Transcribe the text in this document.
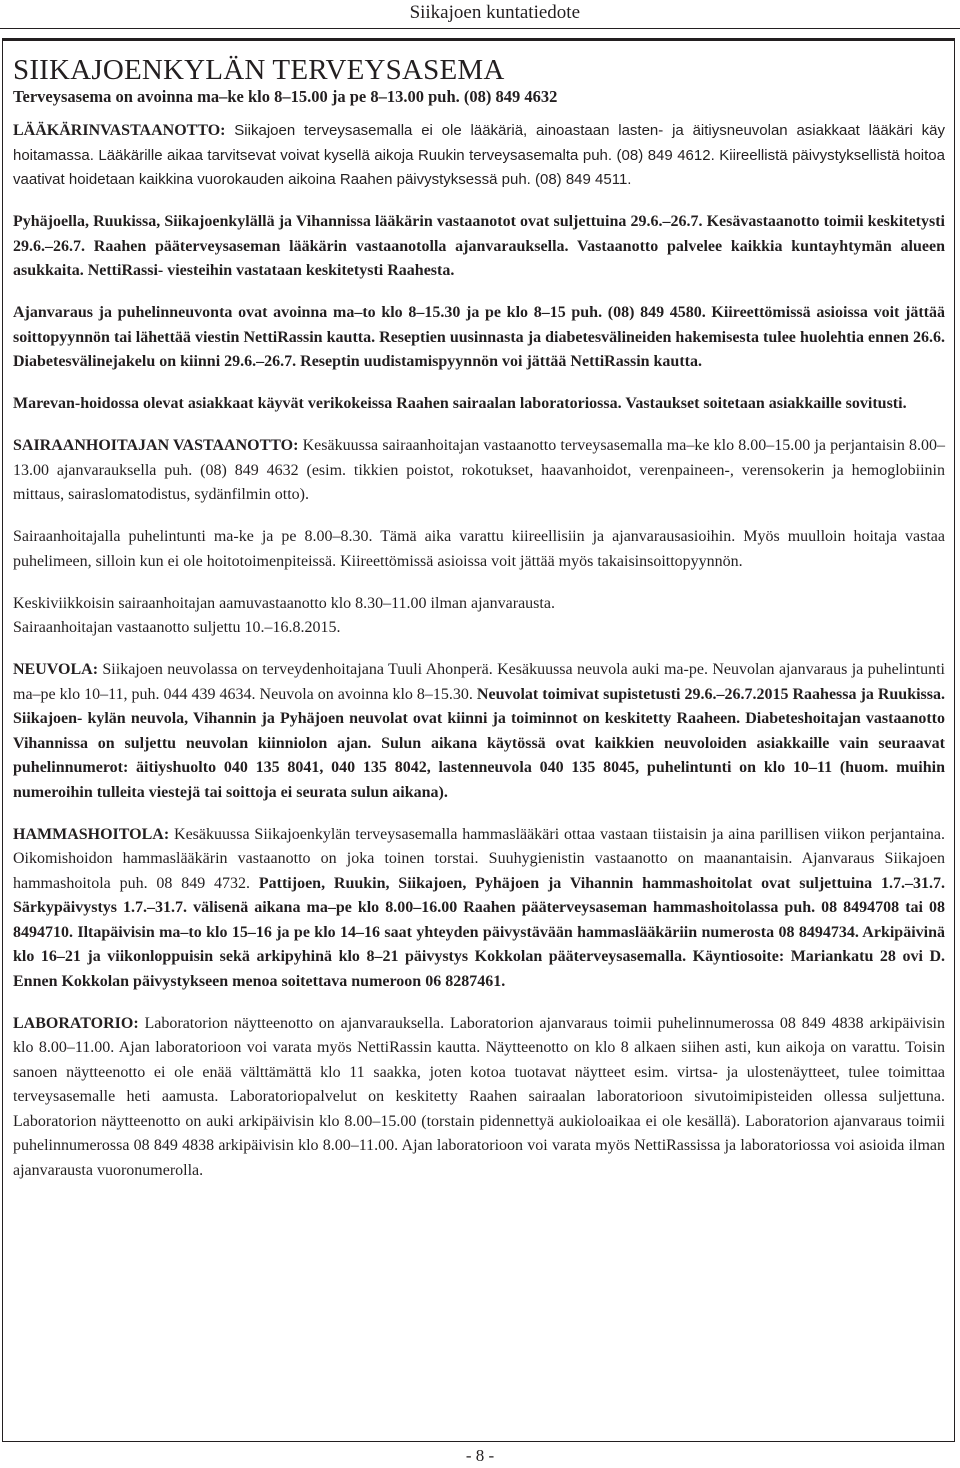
Siikajoen kuntatiedote
SIIKAJOENKYLÄN TERVEYSASEMA
Terveysasema on avoinna ma–ke klo 8–15.00 ja pe 8–13.00 puh. (08) 849 4632

LÄÄKÄRINVASTAANOTTO: Siikajoen terveysasemalla ei ole lääkäriä, ainoastaan lasten- ja äitiysneuvolan asiakkaat lääkäri käy hoitamassa. Lääkärille aikaa tarvitsevat voivat kysellä aikoja Ruukin terveysasemalta puh. (08) 849 4612. Kiireellistä päivystyksellistä hoitoa vaativat hoidetaan kaikkina vuorokauden aikoina Raahen päivystyksessä puh. (08) 849 4511.

Pyhäjoella, Ruukissa, Siikajoenkylällä ja Vihannissa lääkärin vastaanotot ovat suljettuina 29.6.–26.7. Kesävastaanotto toimii keskitetysti 29.6.–26.7. Raahen pääterveysaseman lääkärin vastaanotolla ajanvarauksella. Vastaanotto palvelee kaikkia kuntayhtymän alueen asukkaita. NettiRassi- viesteihin vastataan keskitetysti Raahesta.

Ajanvaraus ja puhelinneuvonta ovat avoinna ma–to klo 8–15.30 ja pe klo 8–15 puh. (08) 849 4580. Kiireettömissä asioissa voit jättää soittopyynnön tai lähettää viestin NettiRassin kautta. Reseptien uusinnasta ja diabetesvälineiden hakemisesta tulee huolehtia ennen 26.6. Diabetesvälinejakelu on kiinni 29.6.–26.7. Reseptin uudistamispyynnön voi jättää NettiRassin kautta.

Marevan-hoidossa olevat asiakkaat käyvät verikokeissa Raahen sairaalan laboratoriossa. Vastaukset soitetaan asiakkaille sovitusti.

SAIRAANHOITAJAN VASTAANOTTO: Kesäkuussa sairaanhoitajan vastaanotto terveysasemalla ma–ke klo 8.00–15.00 ja perjantaisin 8.00–13.00 ajanvarauksella puh. (08) 849 4632 (esim. tikkien poistot, rokotukset, haavanhoidot, verenpaineen-, verensokerin ja hemoglobiinin mittaus, sairaslomatodistus, sydänfilmin otto).

Sairaanhoitajalla puhelintunti ma-ke ja pe 8.00–8.30. Tämä aika varattu kiireellisiin ja ajanvarausasioihin. Myös muulloin hoitaja vastaa puhelimeen, silloin kun ei ole hoitotoimenpiteissä. Kiireettömissä asioissa voit jättää myös takaisinsoittopyynnön.

Keskiviikkoisin sairaanhoitajan aamuvastaanotto klo 8.30–11.00 ilman ajanvarausta.
Sairaanhoitajan vastaanotto suljettu 10.–16.8.2015.

NEUVOLA: Siikajoen neuvolassa on terveydenhoitajana Tuuli Ahonperä. Kesäkuussa neuvola auki ma-pe. Neuvolan ajanvaraus ja puhelintunti ma–pe klo 10–11, puh. 044 439 4634. Neuvola on avoinna klo 8–15.30. Neuvolat toimivat supistetusti 29.6.–26.7.2015 Raahessa ja Ruukissa. Siikajoen- kylän neuvola, Vihannin ja Pyhäjoen neuvolat ovat kiinni ja toiminnot on keskitetty Raaheen. Diabeteshoitajan vastaanotto Vihannissa on suljettu neuvolan kiinniolon ajan. Sulun aikana käytössä ovat kaikkien neuvoloiden asiakkaille vain seuraavat puhelinnumerot: äitiyshuolto 040 135 8041, 040 135 8042, lastenneuvola 040 135 8045, puhelintunti on klo 10–11 (huom. muihin numeroihin tulleita viestejä tai soittoja ei seurata sulun aikana).

HAMMASHOITOLA: Kesäkuussa Siikajoenkylän terveysasemalla hammaslääkäri ottaa vastaan tiistaisin ja aina parillisen viikon perjantaina. Oikomishoidon hammaslääkärin vastaanotto on joka toinen torstai. Suuhygienistin vastaanotto on maanantaisin. Ajanvaraus Siikajoen hammashoitola puh. 08 849 4732. Pattijoen, Ruukin, Siikajoen, Pyhäjoen ja Vihannin hammashoitolat ovat suljettuina 1.7.–31.7. Särkypäivystys 1.7.–31.7. välisenä aikana ma–pe klo 8.00–16.00 Raahen pääterveysaseman hammashoitolassa puh. 08 8494708 tai 08 8494710. Iltapäivisin ma–to klo 15–16 ja pe klo 14–16 saat yhteyden päivystävään hammaslääkäriin numerosta 08 8494734. Arkipäivinä klo 16–21 ja viikonloppuisin sekä arkipyhinä klo 8–21 päivystys Kokkolan pääterveysasemalla. Käyntiosoite: Mariankatu 28 ovi D. Ennen Kokkolan päivystykseen menoa soitettava numeroon 06 8287461.

LABORATORIO: Laboratorion näytteenotto on ajanvarauksella. Laboratorion ajanvaraus toimii puhelinnumerossa 08 849 4838 arkipäivisin klo 8.00–11.00. Ajan laboratorioon voi varata myös NettiRassin kautta. Näytteenotto on klo 8 alkaen siihen asti, kun aikoja on varattu. Toisin sanoen näytteenotto ei ole enää välttämättä klo 11 saakka, joten kotoa tuotavat näytteet esim. virtsa- ja ulostenäytteet, tulee toimittaa terveysasemalle heti aamusta. Laboratoriopalvelut on keskitetty Raahen sairaalan laboratorioon sivutoimipisteiden ollessa suljettuna. Laboratorion näytteenotto on auki arkipäivisin klo 8.00–15.00 (torstain pidennettyä aukioloaikaa ei ole kesällä). Laboratorion ajanvaraus toimii puhelinnumerossa 08 849 4838 arkipäivisin klo 8.00–11.00. Ajan laboratorioon voi varata myös NettiRassissa ja laboratoriossa voi asioida ilman ajanvarausta vuoronumerolla.

- 8 -
